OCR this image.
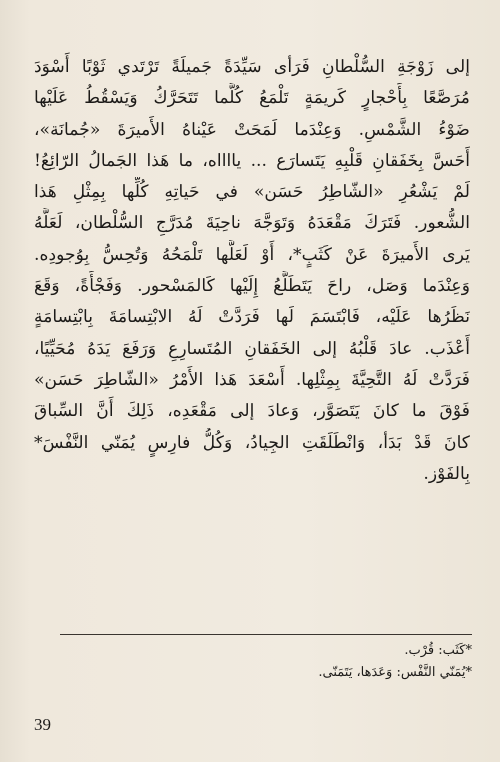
إلى زَوْجَةِ السُّلْطانِ فَرَأى سَيِّدَةً جَميلَةً تَرْتَدي ثَوْبًا أَسْوَدَ
مُرَصَّعًا بِأَحْجارٍ كَريمَةٍ تَلْمَعُ كُلَّما تَتَحَرَّكُ وَيَسْقُطُ عَلَيْها
ضَوْءُ الشَّمْسِ. وَعِنْدَما لَمَحَتْ عَيْناهُ الأَميرَةَ «جُمانَة»،
أَحَسَّ بِخَفَقانِ قَلْبِهِ يَتَسارَع ... يااااه، ما هَذا الجَمالُ الرّائِعُ!
لَمْ يَشْعُرِ «الشّاطِرُ حَسَن» في حَياتِهِ كُلِّها بِمِثْلِ هَذا
الشُّعور. فَتَرَكَ مَقْعَدَهُ وَتَوَجَّهَ ناحِيَةَ مُدَرَّجِ السُّلْطان، لَعَلَّهُ
يَرى الأَميرَةَ عَنْ كَثَبٍ*، أَوْ لَعَلَّها تَلْمَحُهُ وَتُحِسُّ بِوُجودِه.
وَعِنْدَما وَصَل، راحَ يَتَطَلَّعُ إِلَيْها كَالمَسْحور. وَفَجْأَةً، وَقَعَ
نَظَرُها عَلَيْه، فَابْتَسَمَ لَها فَرَدَّتْ لَهُ الابْتِسامَةَ بِابْتِسامَةٍ
أَعْذَب. عادَ قَلْبُهُ إلى الخَفَقانِ المُتَسارِعِ وَرَفَعَ يَدَهُ مُحَيِّيًا،
فَرَدَّتْ لَهُ التَّحِيَّةَ بِمِثْلِها. أَسْعَدَ هَذا الأَمْرُ «الشّاطِرَ حَسَن»
فَوْقَ ما كانَ يَتَصَوَّر، وَعادَ إلى مَقْعَدِه، ذَلِكَ أَنَّ السِّباقَ
كانَ قَدْ بَدَأ، وَانْطَلَقَتِ الجِيادُ، وَكُلُّ فارِسٍ يُمَنّي النَّفْسَ*
بِالفَوْز.
*كَثَب: قُرْب.
*يُمَنّي النَّفْس: وَعَدَها، يَتَمَنّى.
39
